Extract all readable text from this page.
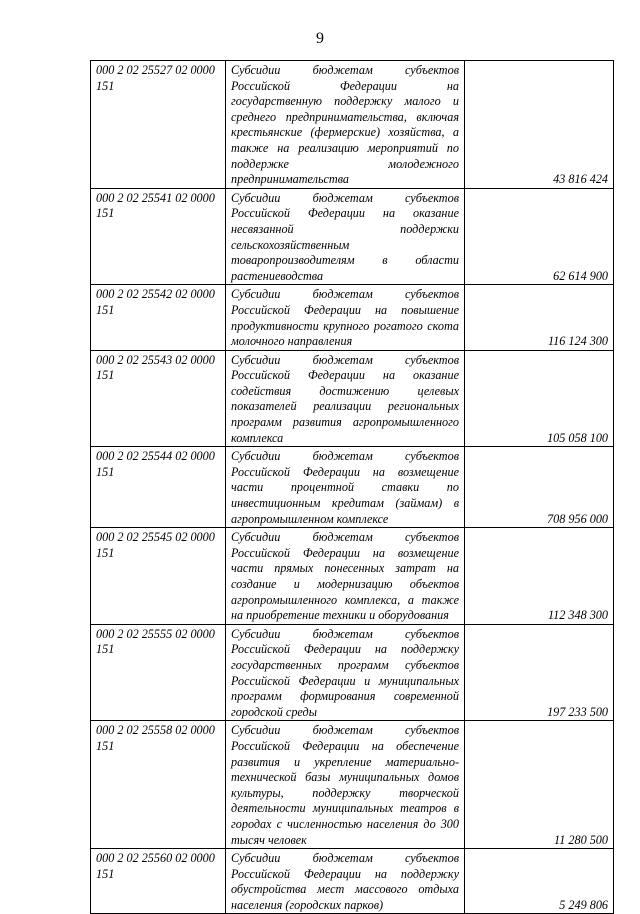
9
000 2 02 25527 02 0000 151	Субсидии бюджетам субъектов Российской Федерации на государственную поддержку малого и среднего предпринимательства, включая крестьянские (фермерские) хозяйства, а также на реализацию мероприятий по поддержке молодежного предпринимательства	43 816 424
000 2 02 25541 02 0000 151	Субсидии бюджетам субъектов Российской Федерации на оказание несвязанной поддержки сельскохозяйственным товаропроизводителям в области растениеводства	62 614 900
000 2 02 25542 02 0000 151	Субсидии бюджетам субъектов Российской Федерации на повышение продуктивности крупного рогатого скота молочного направления	116 124 300
000 2 02 25543 02 0000 151	Субсидии бюджетам субъектов Российской Федерации на оказание содействия достижению целевых показателей реализации региональных программ развития агропромышленного комплекса	105 058 100
000 2 02 25544 02 0000 151	Субсидии бюджетам субъектов Российской Федерации на возмещение части процентной ставки по инвестиционным кредитам (займам) в агропромышленном комплексе	708 956 000
000 2 02 25545 02 0000 151	Субсидии бюджетам субъектов Российской Федерации на возмещение части прямых понесенных затрат на создание и модернизацию объектов агропромышленного комплекса, а также на приобретение техники и оборудования	112 348 300
000 2 02 25555 02 0000 151	Субсидии бюджетам субъектов Российской Федерации на поддержку государственных программ субъектов Российской Федерации и муниципальных программ формирования современной городской среды	197 233 500
000 2 02 25558 02 0000 151	Субсидии бюджетам субъектов Российской Федерации на обеспечение развития и укрепление материально-технической базы муниципальных домов культуры, поддержку творческой деятельности муниципальных театров в городах с численностью населения до 300 тысяч человек	11 280 500
000 2 02 25560 02 0000 151	Субсидии бюджетам субъектов Российской Федерации на поддержку обустройства мест массового отдыха населения (городских парков)	5 249 806
